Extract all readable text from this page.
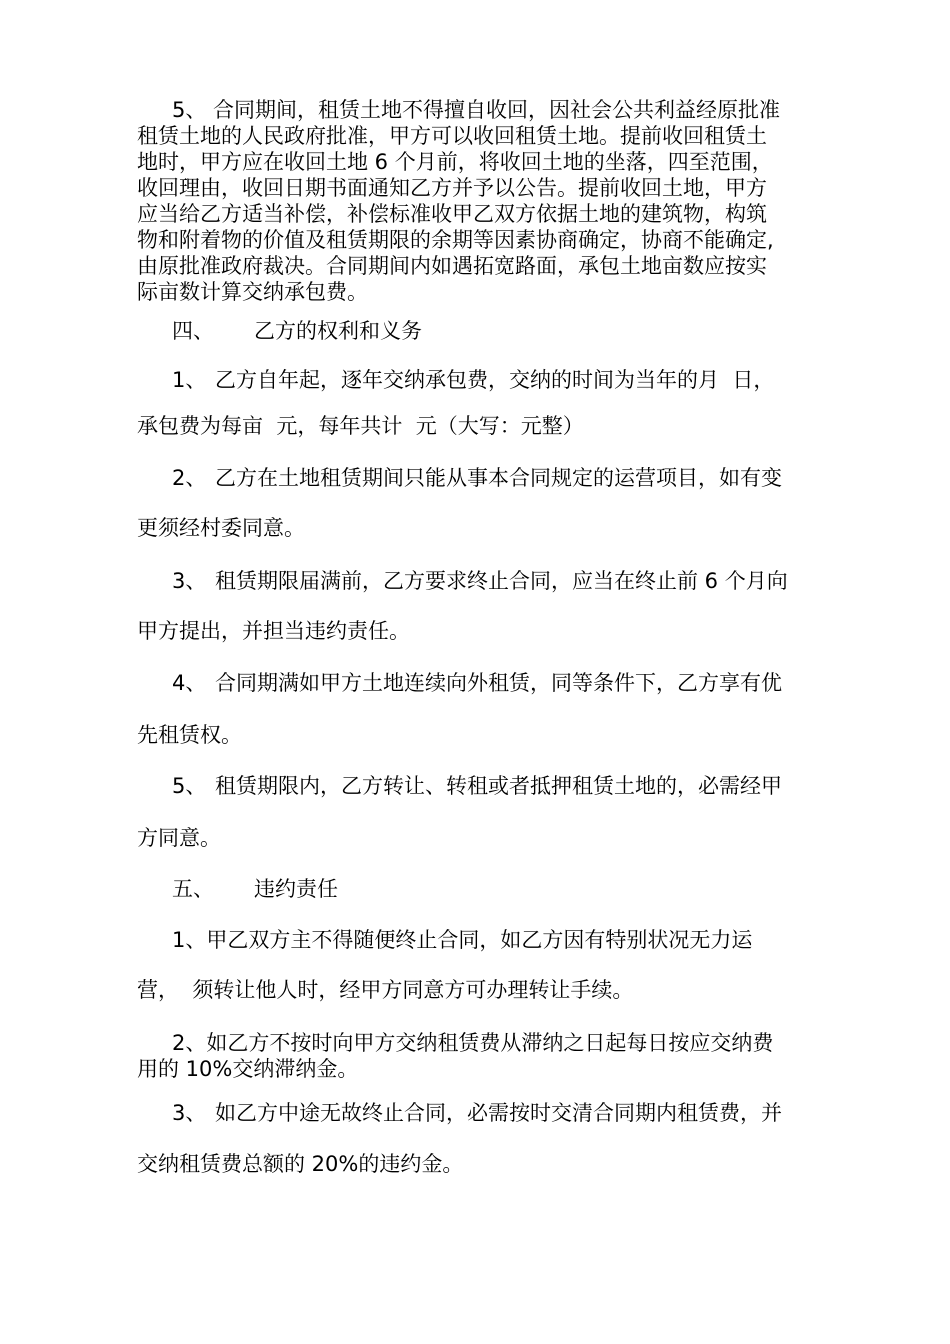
5、 合同期间，租赁土地不得擅自收回，因社会公共利益经原批准
租赁土地的人民政府批准，甲方可以收回租赁土地。提前收回租赁土
地时，甲方应在收回土地 6 个月前，将收回土地的坐落，四至范围，
收回理由，收回日期书面通知乙方并予以公告。提前收回土地，甲方
应当给乙方适当补偿，补偿标准收甲乙双方依据土地的建筑物，构筑
物和附着物的价值及租赁期限的余期等因素协商确定，协商不能确定,
由原批准政府裁决。合同期间内如遇拓宽路面，承包土地亩数应按实
际亩数计算交纳承包费。
四、 乙方的权利和义务
1、 乙方自年起，逐年交纳承包费，交纳的时间为当年的月  日，
承包费为每亩  元，每年共计  元（大写：元整）
2、 乙方在土地租赁期间只能从事本合同规定的运营项目，如有变
更须经村委同意。
3、 租赁期限届满前，乙方要求终止合同，应当在终止前 6 个月向
甲方提出，并担当违约责任。
4、 合同期满如甲方土地连续向外租赁，同等条件下，乙方享有优
先租赁权。
5、 租赁期限内，乙方转让、转租或者抵押租赁土地的，必需经甲
方同意。
五、 违约责任
1、甲乙双方主不得随便终止合同，如乙方因有特别状况无力运
营，  须转让他人时，经甲方同意方可办理转让手续。
2、如乙方不按时向甲方交纳租赁费从滞纳之日起每日按应交纳费
用的 10%交纳滞纳金。
3、 如乙方中途无故终止合同，必需按时交清合同期内租赁费，并
交纳租赁费总额的 20%的违约金。
